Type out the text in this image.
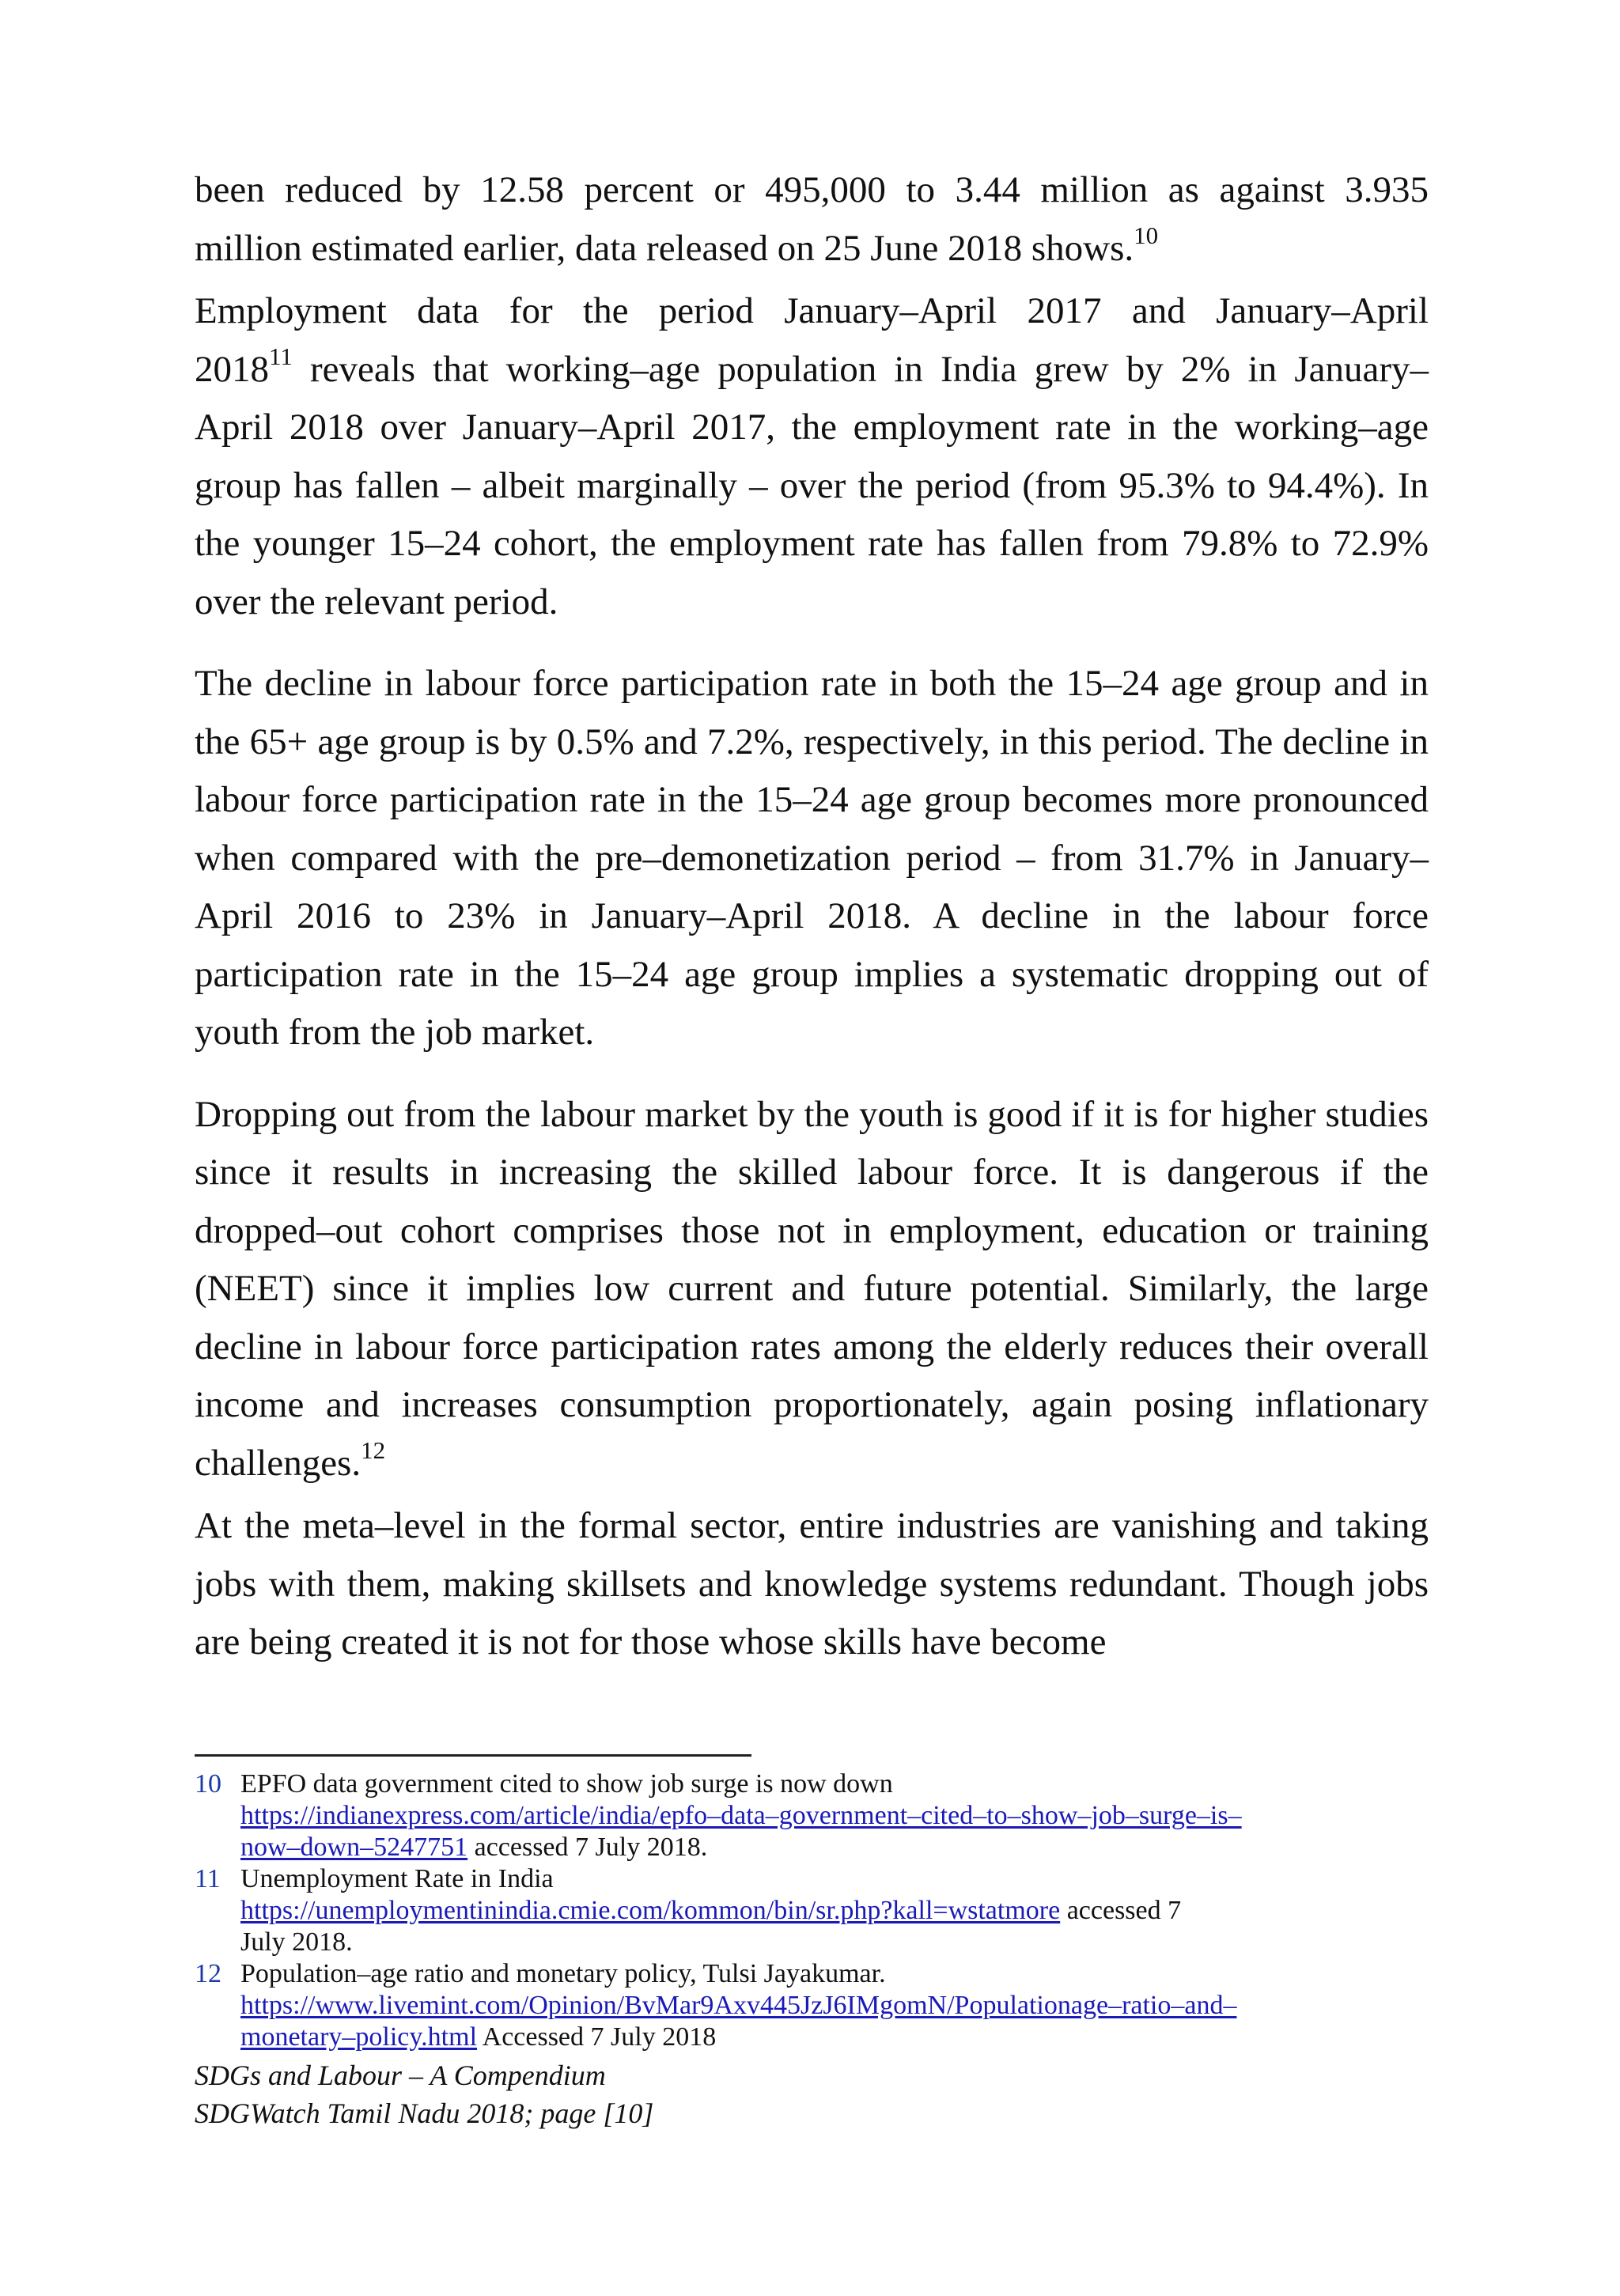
been reduced by 12.58 percent or 495,000 to 3.44 million as against 3.935
million estimated earlier, data released on 25 June 2018 shows.$^{10}$

Employment data for the period January–April 2017 and January–April
2018$^{11}$ reveals that working–age population in India grew by 2% in January–
April 2018 over January–April 2017, the employment rate in the working–age group has fallen – albeit marginally – over the period (from 95.3% to 94.4%). In the younger 15–24 cohort, the employment rate has fallen from 79.8% to 72.9% over the relevant period.

The decline in labour force participation rate in both the 15–24 age group and in the 65+ age group is by 0.5% and 7.2%, respectively, in this period. The decline in labour force participation rate in the 15–24 age group becomes more pronounced when compared with the pre–demonetization period – from 31.7% in January–April 2016 to 23% in January–April 2018. A decline in the labour force participation rate in the 15–24 age group implies a systematic dropping out of youth from the job market.

Dropping out from the labour market by the youth is good if it is for higher studies since it results in increasing the skilled labour force. It is dangerous if the dropped–out cohort comprises those not in employment, education or training (NEET) since it implies low current and future potential. Similarly, the large decline in labour force participation rates among the elderly reduces their overall income and increases consumption proportionately, again posing inflationary challenges.$^{12}$

At the meta–level in the formal sector, entire industries are vanishing and taking jobs with them, making skillsets and knowledge systems redundant. Though jobs are being created it is not for those whose skills have become

10 EPFO data government cited to show job surge is now down
https://indianexpress.com/article/india/epfo–data–government–cited–to–show–job–surge–is–
now–down–5247751 accessed 7 July 2018.
11 Unemployment Rate in India
https://unemploymentinindia.cmie.com/kommon/bin/sr.php?kall=wstatmore accessed 7
July 2018.
12 Population–age ratio and monetary policy, Tulsi Jayakumar.
https://www.livemint.com/Opinion/BvMar9Axv445JzJ6IMgomN/Populationage–ratio–and–
monetary–policy.html Accessed 7 July 2018
SDGs and Labour – A Compendium
SDGWatch Tamil Nadu 2018; page [10]
